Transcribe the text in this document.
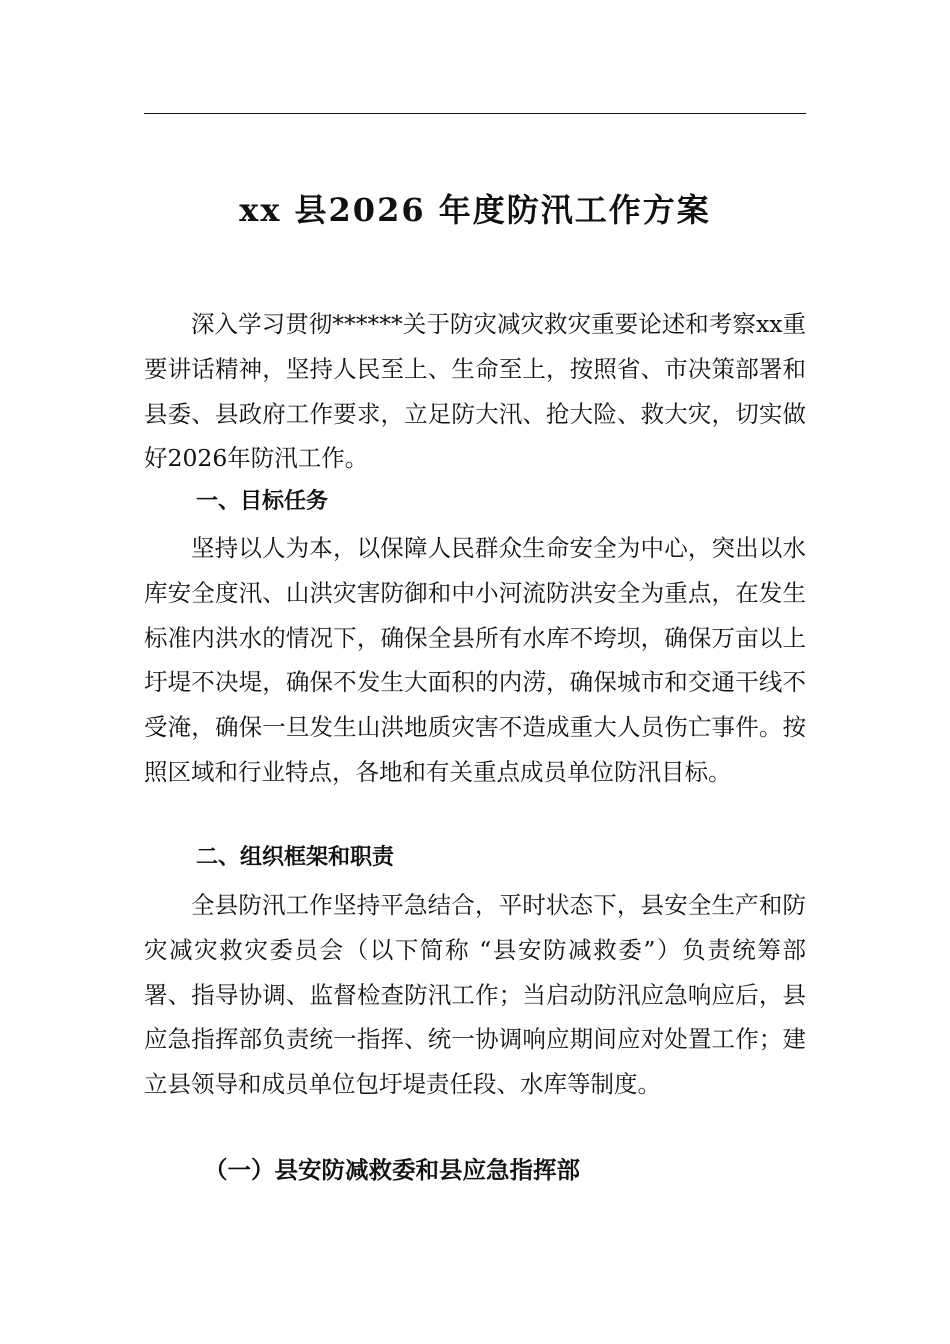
xx 县2026 年度防汛工作方案

深入学习贯彻******关于防灾减灾救灾重要论述和考察xx重要讲话精神，坚持人民至上、生命至上，按照省、市决策部署和县委、县政府工作要求，立足防大汛、抢大险、救大灾，切实做好2026年防汛工作。

一、目标任务

坚持以人为本，以保障人民群众生命安全为中心，突出以水库安全度汛、山洪灾害防御和中小河流防洪安全为重点，在发生标准内洪水的情况下，确保全县所有水库不垮坝，确保万亩以上圩堤不决堤，确保不发生大面积的内涝，确保城市和交通干线不受淹，确保一旦发生山洪地质灾害不造成重大人员伤亡事件。按照区域和行业特点，各地和有关重点成员单位防汛目标。

二、组织框架和职责

全县防汛工作坚持平急结合，平时状态下，县安全生产和防灾减灾救灾委员会（以下简称 “县安防减救委”）负责统筹部署、指导协调、监督检查防汛工作；当启动防汛应急响应后，县应急指挥部负责统一指挥、统一协调响应期间应对处置工作；建立县领导和成员单位包圩堤责任段、水库等制度。

（一）县安防减救委和县应急指挥部
